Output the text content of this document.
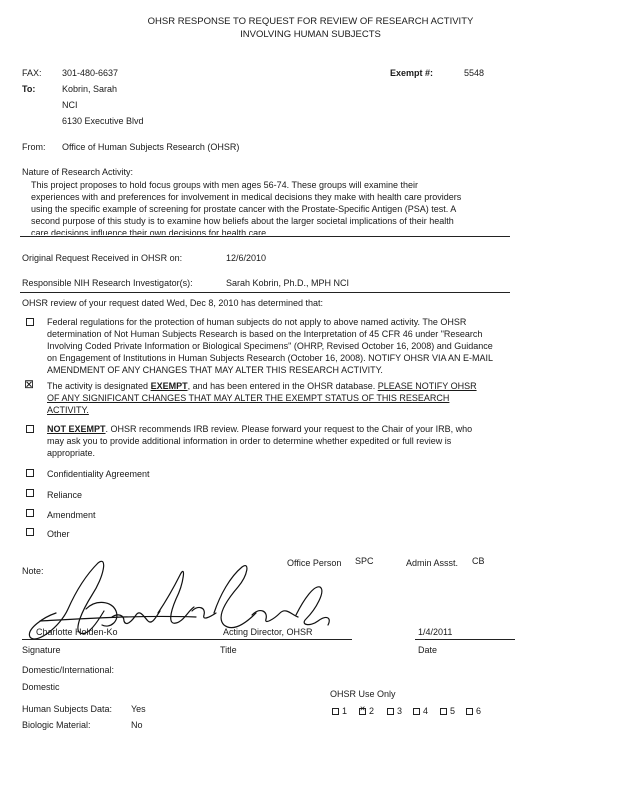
OHSR RESPONSE TO REQUEST FOR REVIEW OF RESEARCH ACTIVITY
INVOLVING HUMAN SUBJECTS
FAX: 301-480-6637	Exempt #:	5548
To:	Kobrin, Sarah
NCI
6130 Executive Blvd
From: Office of Human Subjects Research (OHSR)
Nature of Research Activity:
This project proposes to hold focus groups with men ages 56-74. These groups will examine their
experiences with and preferences for involvement in medical decisions they make with health care providers
using the specific example of screening for prostate cancer with the Prostate-Specific Antigen (PSA) test. A
second purpose of this study is to examine how beliefs about the larger societal implications of their health
care decisions influence their own decisions for health care.
Original Request Received in OHSR on:	12/6/2010
Responsible NIH Research Investigator(s):	Sarah Kobrin, Ph.D., MPH NCI
OHSR review of your request dated Wed, Dec 8, 2010 has determined that:
Federal regulations for the protection of human subjects do not apply to above named activity. The OHSR
determination of Not Human Subjects Research is based on the Interpretation of 45 CFR 46 under "Research
Involving Coded Private Information or Biological Specimens" (OHRP, Revised October 16, 2008) and Guidance
on Engagement of Institutions in Human Subjects Research (October 16, 2008). NOTIFY OHSR VIA AN E-MAIL
AMENDMENT OF ANY CHANGES THAT MAY ALTER THIS RESEARCH ACTIVITY.
⊠ The activity is designated EXEMPT, and has been entered in the OHSR database. PLEASE NOTIFY OHSR
OF ANY SIGNIFICANT CHANGES THAT MAY ALTER THE EXEMPT STATUS OF THIS RESEARCH
ACTIVITY.
NOT EXEMPT. OHSR recommends IRB review. Please forward your request to the Chair of your IRB, who
may ask you to provide additional information in order to determine whether expedited or full review is
appropriate.
Confidentiality Agreement
Reliance
Amendment
Other
Note:
Office Person SPC	Admin Assst. CB
Charlotte Holden-Ko	Acting Director, OHSR	1/4/2011
Signature	Title	Date
Domestic/International:
Domestic
Human Subjects Data: Yes
Biologic Material:	No
OHSR Use Only
1 ✕ 2	3 4 5 6
